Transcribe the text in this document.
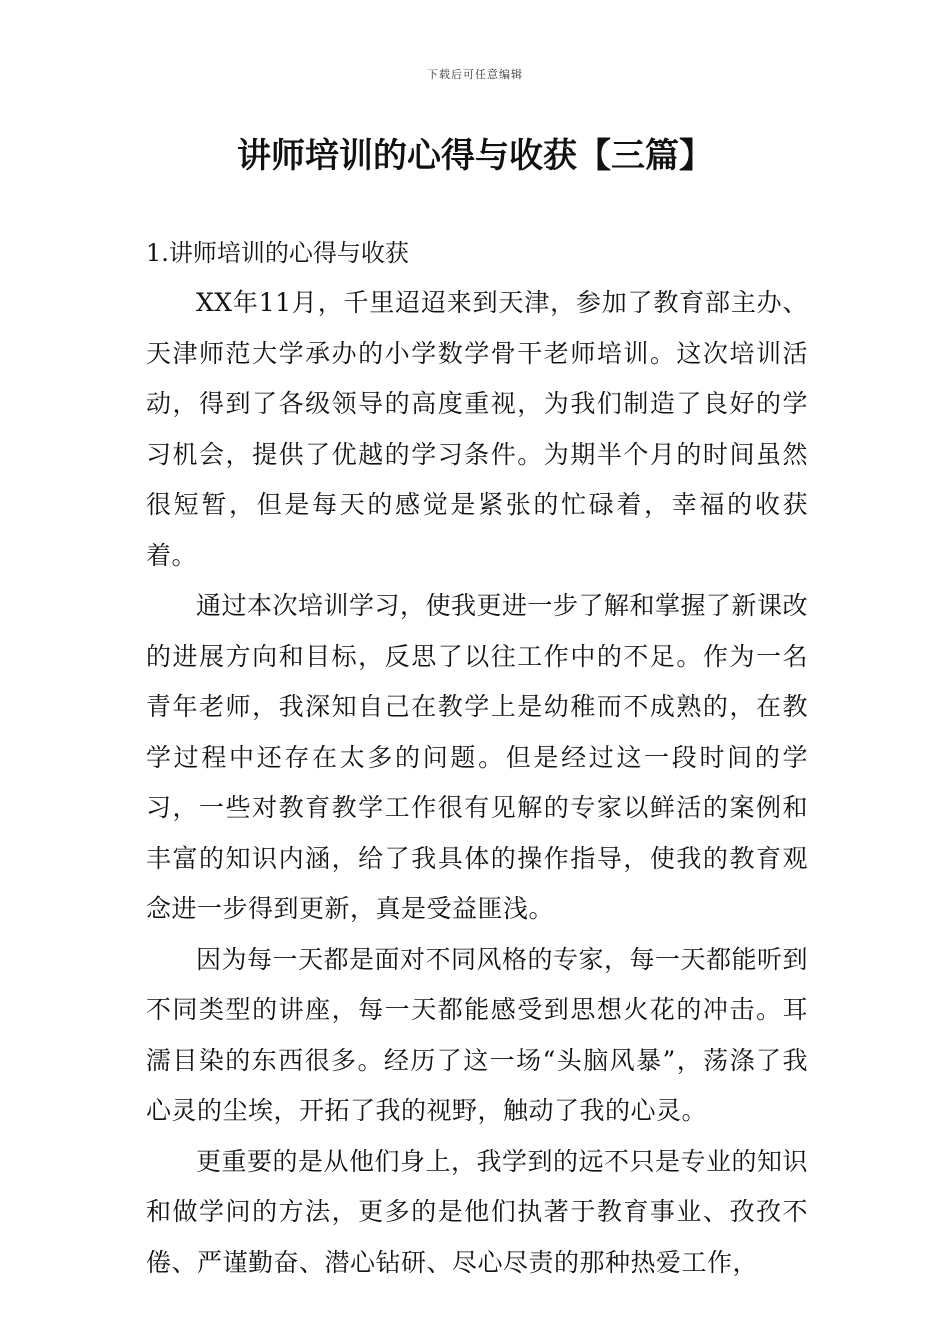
下载后可任意编辑
讲师培训的心得与收获【三篇】

1.讲师培训的心得与收获

XX年11月，千里迢迢来到天津，参加了教育部主办、天津师范大学承办的小学数学骨干老师培训。这次培训活动，得到了各级领导的高度重视，为我们制造了良好的学习机会，提供了优越的学习条件。为期半个月的时间虽然很短暂，但是每天的感觉是紧张的忙碌着，幸福的收获着。

通过本次培训学习，使我更进一步了解和掌握了新课改的进展方向和目标，反思了以往工作中的不足。作为一名青年老师，我深知自己在教学上是幼稚而不成熟的，在教学过程中还存在太多的问题。但是经过这一段时间的学习，一些对教育教学工作很有见解的专家以鲜活的案例和丰富的知识内涵，给了我具体的操作指导，使我的教育观念进一步得到更新，真是受益匪浅。

因为每一天都是面对不同风格的专家，每一天都能听到不同类型的讲座，每一天都能感受到思想火花的冲击。耳濡目染的东西很多。经历了这一场“头脑风暴”，荡涤了我心灵的尘埃，开拓了我的视野，触动了我的心灵。

更重要的是从他们身上，我学到的远不只是专业的知识和做学问的方法，更多的是他们执著于教育事业、孜孜不倦、严谨勤奋、潜心钻研、尽心尽责的那种热爱工作，
